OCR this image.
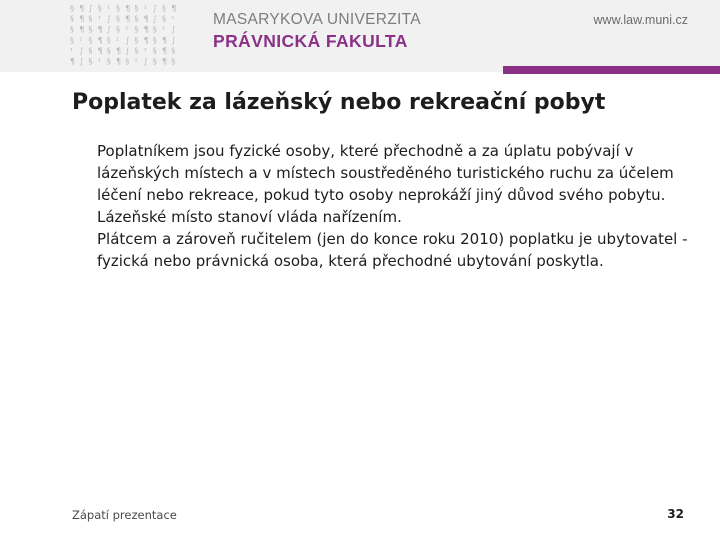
§ ¶ ∫ § ¹ § ¶ § ¹ ∫ § ¶
§ ¶ § ¹ ∫ § ¶ § ¶ ∫ § ¹
§ ¶ § ¶ ∫ § ¹ § ¶ § ¹ ∫
§ ¹ § ¶ § ¹ ∫ § ¶ § ¶ ∫
¹ ∫ § ¶ § ¶ ∫ § ¹ § ¶ §
¶ ∫ § ¹ § ¶ § ¹ ∫ § ¶ §
MASARYKOVA UNIVERZITA
PRÁVNICKÁ FAKULTA
www.law.muni.cz
Poplatek za lázeňský nebo rekreační pobyt

Poplatníkem jsou fyzické osoby, které přechodně a za úplatu pobývají v lázeňských místech a v místech soustředěného turistického ruchu za účelem léčení nebo rekreace, pokud tyto osoby neprokáží jiný důvod svého pobytu.

Lázeňské místo stanoví vláda nařízením.

Plátcem a zároveň ručitelem (jen do konce roku 2010) poplatku je ubytovatel - fyzická nebo právnická osoba, která přechodné ubytování poskytla.

Zápatí prezentace	32
